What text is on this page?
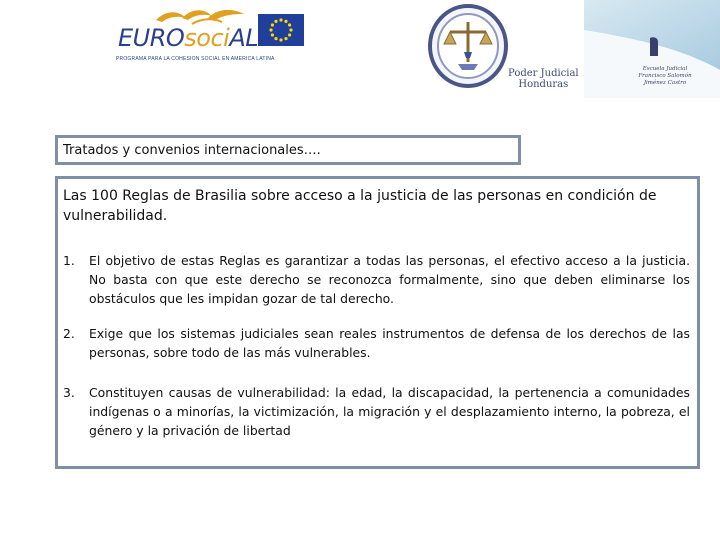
EUROsociAL
PROGRAMA PARA LA COHESION SOCIAL EN AMERICA LATINA
Poder Judicial
Honduras
Escuela Judicial
Francisco Salomón Jiménez Castro
Tratados y convenios internacionales….
Las 100 Reglas de Brasilia sobre acceso a la justicia de las personas en condición de vulnerabilidad.
1.	El objetivo de estas Reglas es garantizar a todas las personas, el efectivo acceso a la justicia. No basta con que este derecho se reconozca formalmente, sino que deben eliminarse los obstáculos que les impidan gozar de tal derecho.
2.	Exige que los sistemas judiciales sean reales instrumentos de defensa de los derechos de las personas, sobre todo de las más vulnerables.
3.	Constituyen causas de vulnerabilidad: la edad, la discapacidad, la pertenencia a comunidades indígenas o a minorías, la victimización, la migración y el desplazamiento interno, la pobreza, el género y la privación de libertad
